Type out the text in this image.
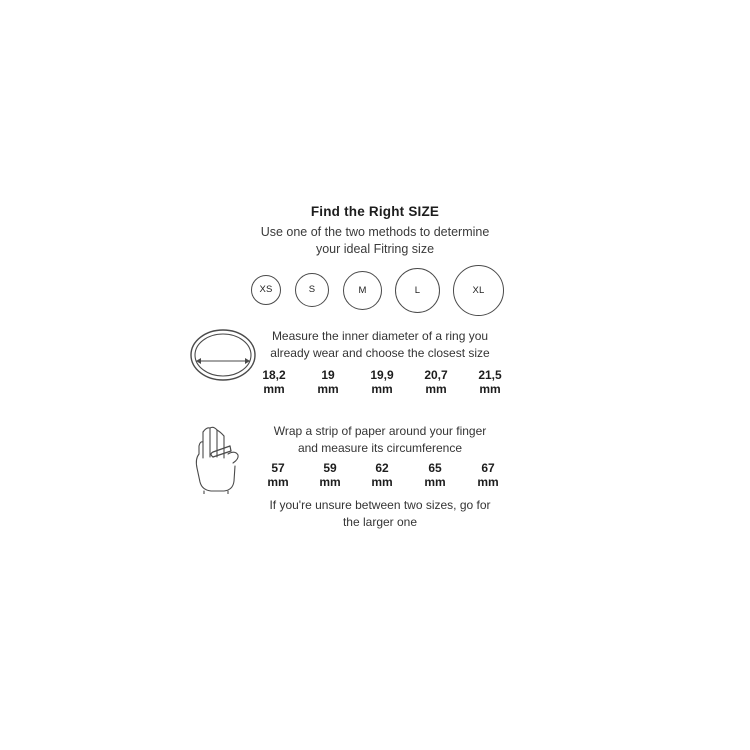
Find the Right SIZE
Use one of the two methods to determine
your ideal Fitring size
XS	S	M	L	XL
Measure the inner diameter of a ring you
already wear and choose the closest size
18,2
mm
19
mm
19,9
mm
20,7
mm
21,5
mm
Wrap a strip of paper around your finger
and measure its circumference
57
mm
59
mm
62
mm
65
mm
67
mm
If you're unsure between two sizes, go for
the larger one
